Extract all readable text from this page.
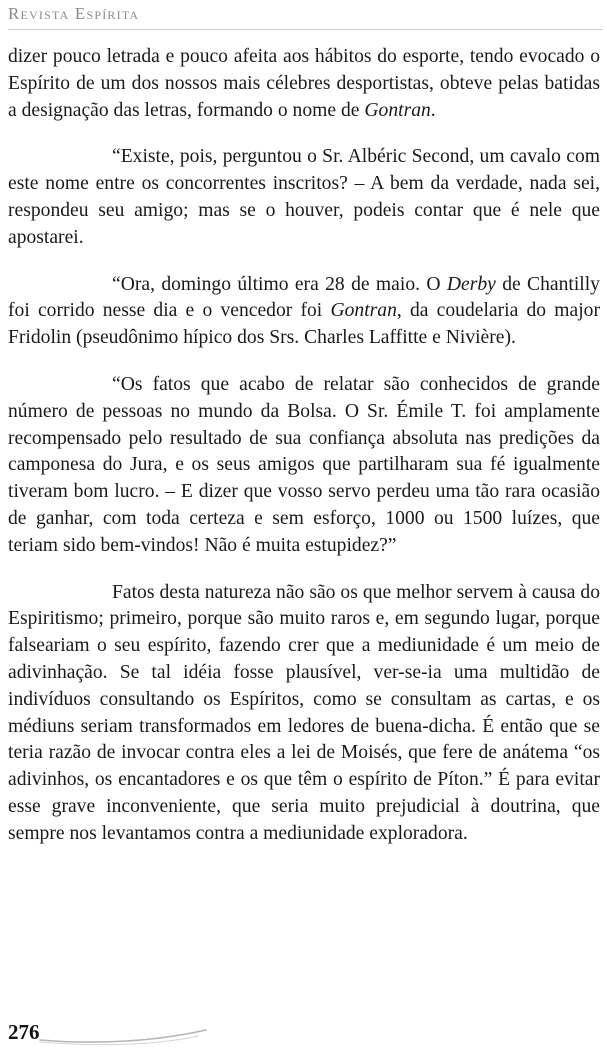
Revista Espírita

dizer pouco letrada e pouco afeita aos hábitos do esporte, tendo evocado o Espírito de um dos nossos mais célebres desportistas, obteve pelas batidas a designação das letras, formando o nome de Gontran.

“Existe, pois, perguntou o Sr. Albéric Second, um cavalo com este nome entre os concorrentes inscritos? – A bem da verdade, nada sei, respondeu seu amigo; mas se o houver, podeis contar que é nele que apostarei.

“Ora, domingo último era 28 de maio. O Derby de Chantilly foi corrido nesse dia e o vencedor foi Gontran, da coudelaria do major Fridolin (pseudônimo hípico dos Srs. Charles Laffitte e Nivière).

“Os fatos que acabo de relatar são conhecidos de grande número de pessoas no mundo da Bolsa. O Sr. Émile T. foi amplamente recompensado pelo resultado de sua confiança absoluta nas predições da camponesa do Jura, e os seus amigos que partilharam sua fé igualmente tiveram bom lucro. – E dizer que vosso servo perdeu uma tão rara ocasião de ganhar, com toda certeza e sem esforço, 1000 ou 1500 luízes, que teriam sido bem-vindos! Não é muita estupidez?”

Fatos desta natureza não são os que melhor servem à causa do Espiritismo; primeiro, porque são muito raros e, em segundo lugar, porque falseariam o seu espírito, fazendo crer que a mediunidade é um meio de adivinhação. Se tal idéia fosse plausível, ver-se-ia uma multidão de indivíduos consultando os Espíritos, como se consultam as cartas, e os médiuns seriam transformados em ledores de buena-dicha. É então que se teria razão de invocar contra eles a lei de Moisés, que fere de anátema “os adivinhos, os encantadores e os que têm o espírito de Píton.” É para evitar esse grave inconveniente, que seria muito prejudicial à doutrina, que sempre nos levantamos contra a mediunidade exploradora.

276
